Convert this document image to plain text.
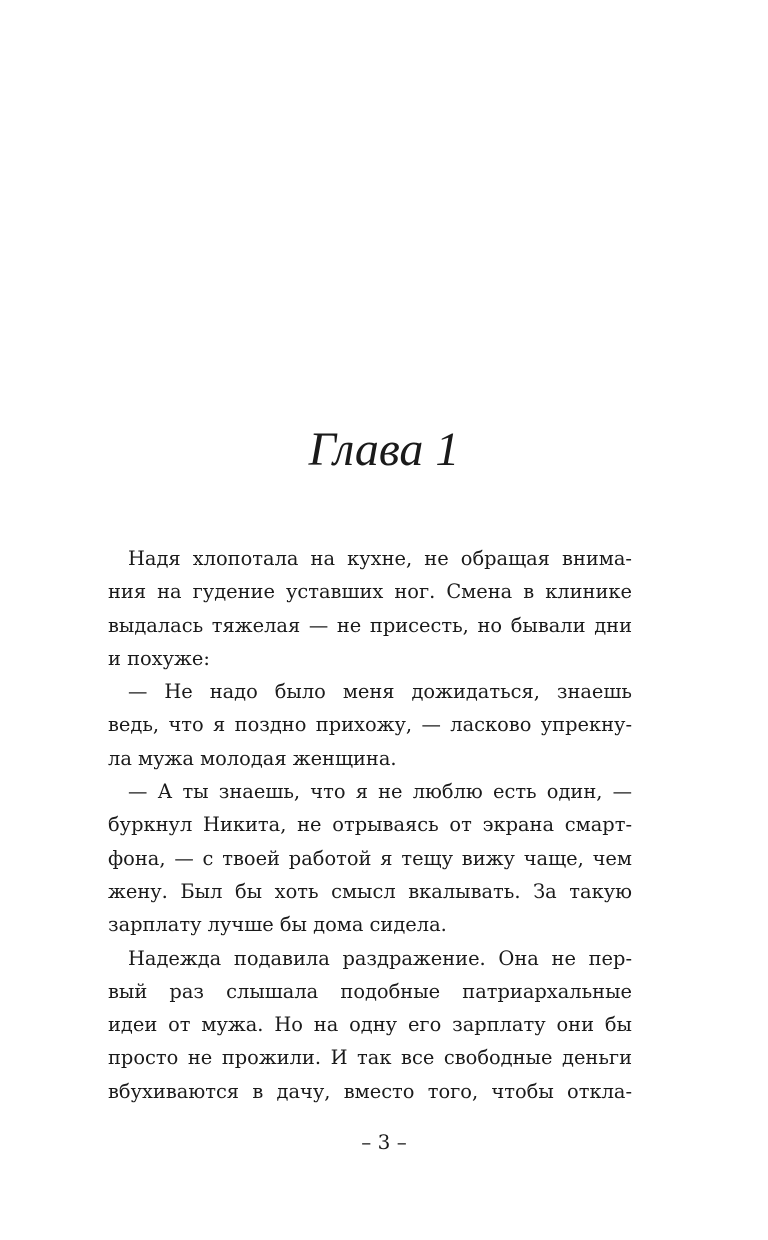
Глава 1
Надя хлопотала на кухне, не обращая внима-
ния на гудение уставших ног. Смена в клинике
выдалась тяжелая — не присесть, но бывали дни
и похуже:
— Не надо было меня дожидаться, знаешь
ведь, что я поздно прихожу, — ласково упрекну-
ла мужа молодая женщина.
— А ты знаешь, что я не люблю есть один, —
буркнул Никита, не отрываясь от экрана смарт-
фона, — с твоей работой я тещу вижу чаще, чем
жену. Был бы хоть смысл вкалывать. За такую
зарплату лучше бы дома сидела.
Надежда подавила раздражение. Она не пер-
вый раз слышала подобные патриархальные
идеи от мужа. Но на одну его зарплату они бы
просто не прожили. И так все свободные деньги
вбухиваются в дачу, вместо того, чтобы откла-
– 3 –
